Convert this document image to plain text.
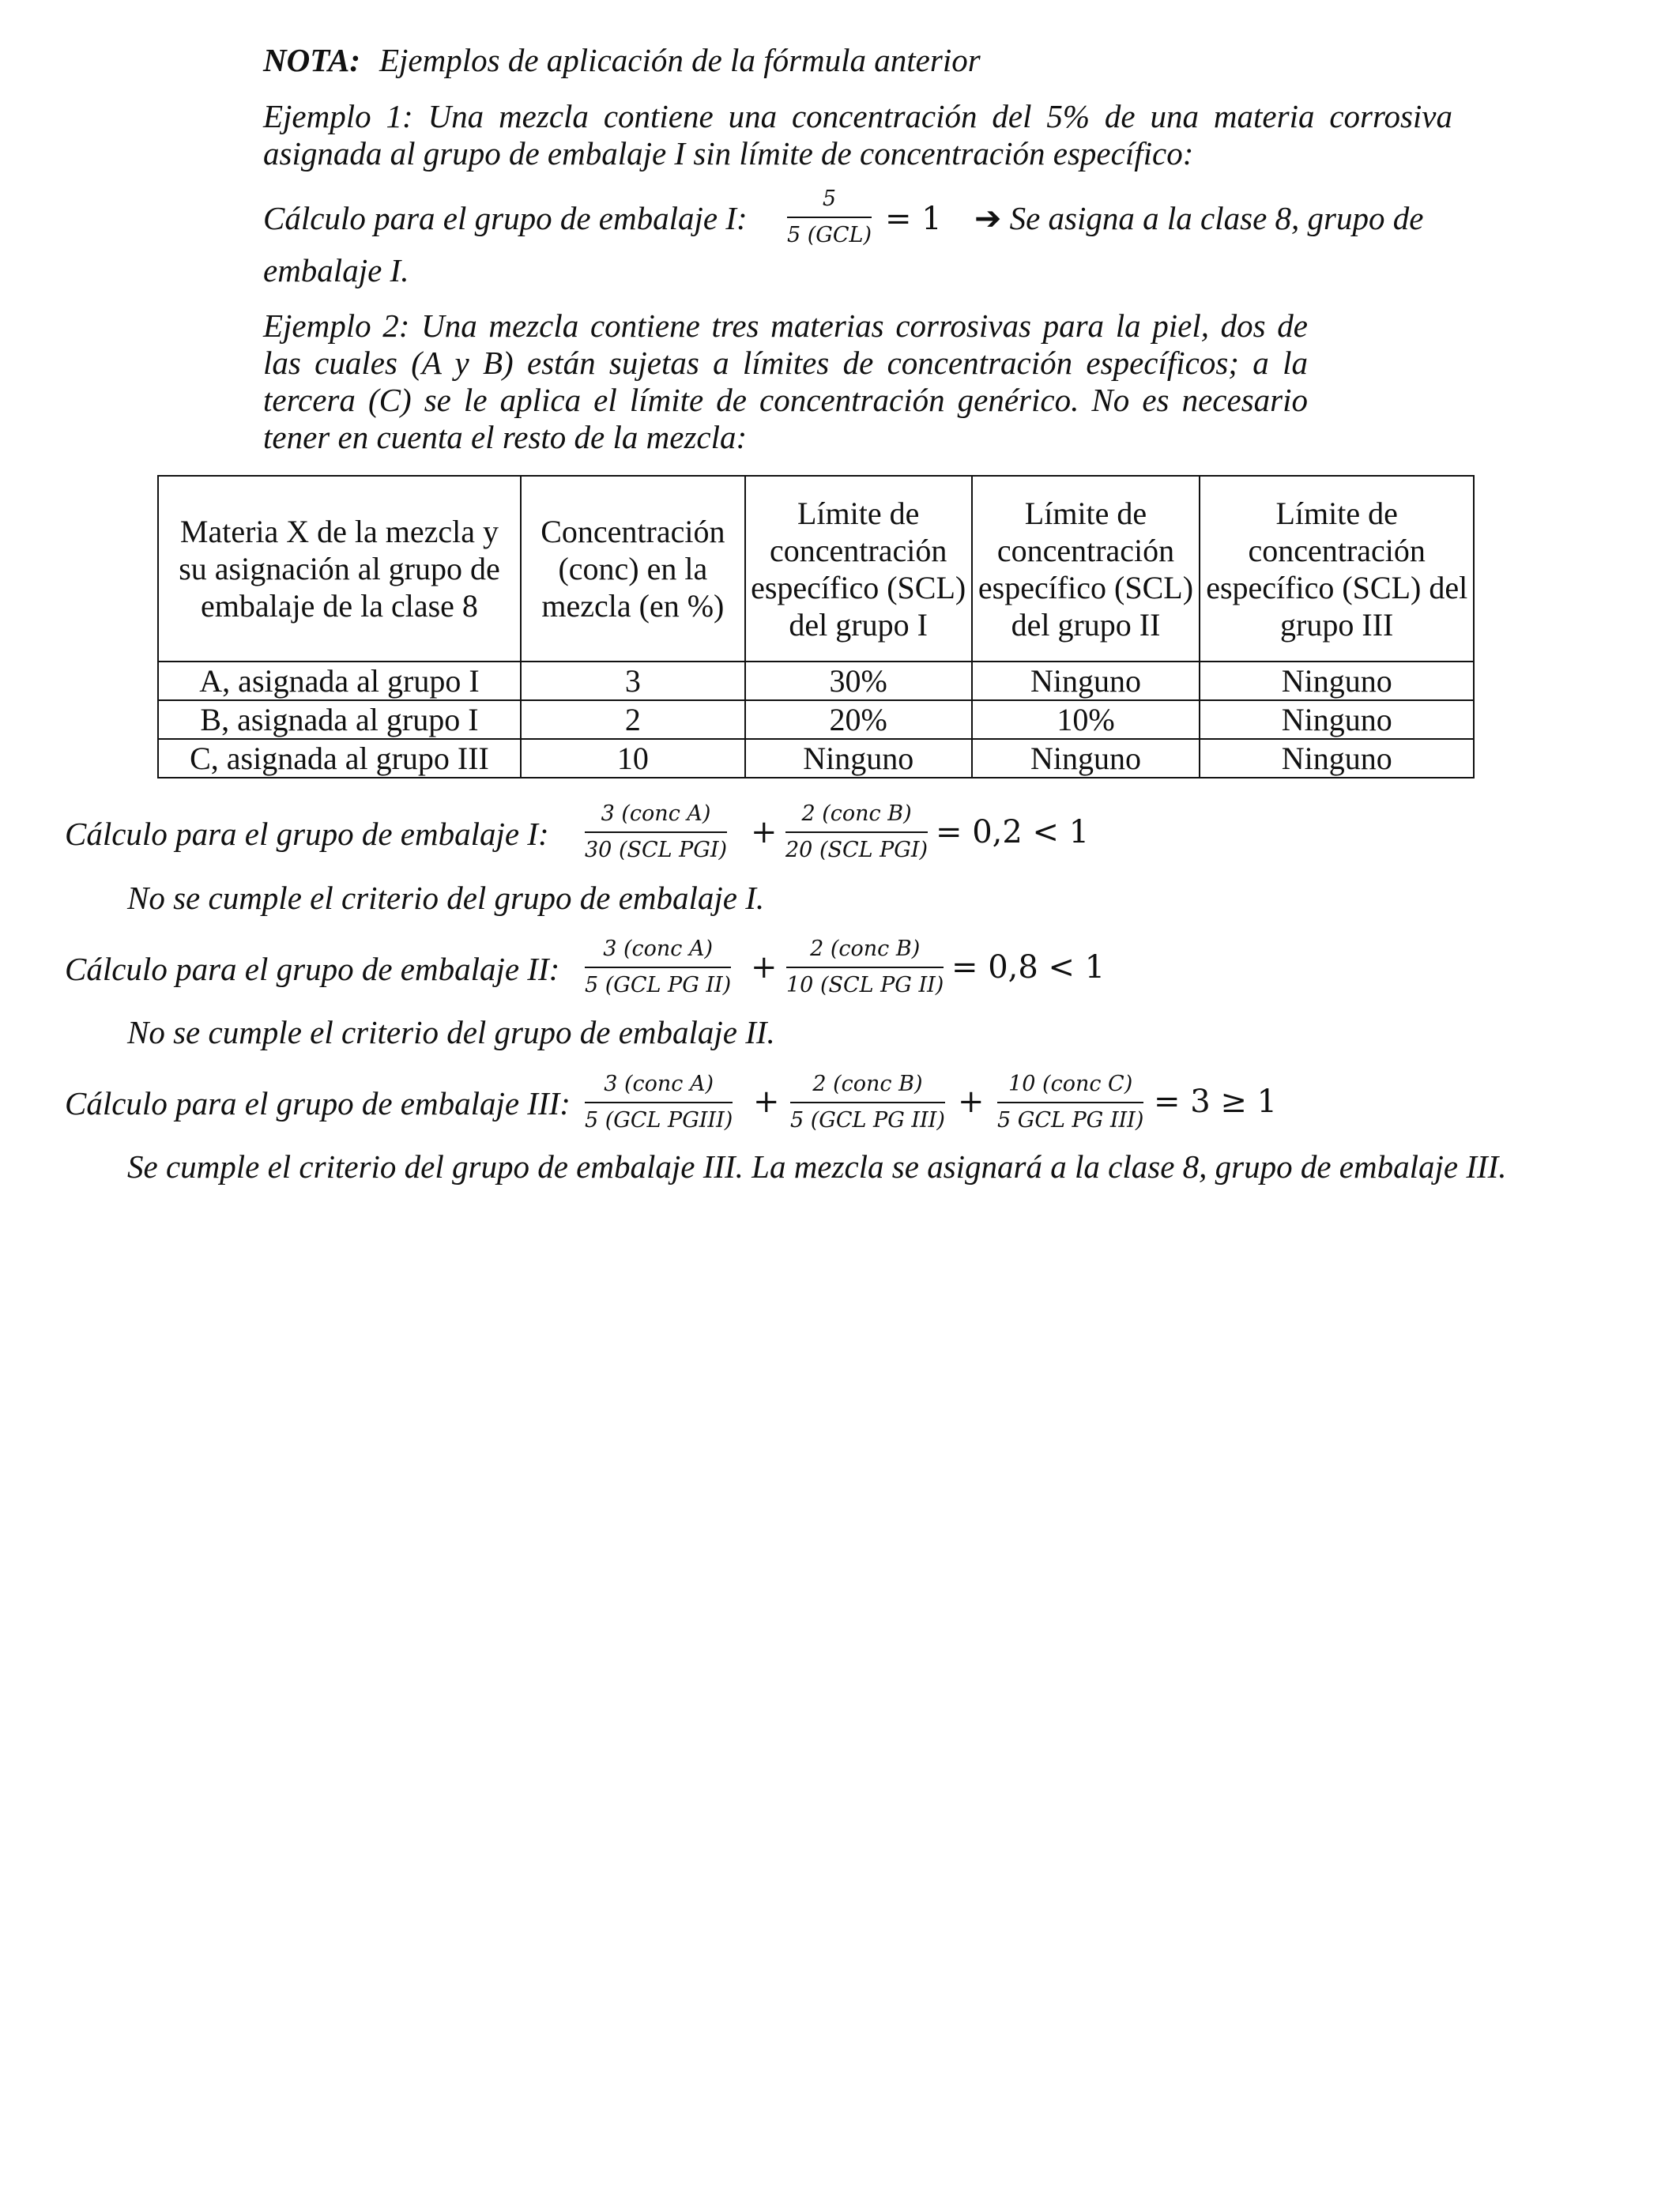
NOTA: Ejemplos de aplicación de la fórmula anterior

Ejemplo 1: Una mezcla contiene una concentración del 5% de una materia corrosiva asignada al grupo de embalaje I sin límite de concentración específico:

Cálculo para el grupo de embalaje I:
5
5 (GCL) = 1 ➔ Se asigna a la clase 8, grupo de
embalaje I.

Ejemplo 2: Una mezcla contiene tres materias corrosivas para la piel, dos de las cuales (A y B) están sujetas a límites de concentración específicos; a la tercera (C) se le aplica el límite de concentración genérico. No es necesario tener en cuenta el resto de la mezcla:

Materia X de la mezcla y su asignación al grupo de embalaje de la clase 8	Concentración (conc) en la mezcla (en %)	Límite de concentración específico (SCL) del grupo I	Límite de concentración específico (SCL) del grupo II	Límite de concentración específico (SCL) del grupo III
A, asignada al grupo I	3	30%	Ninguno	Ninguno
B, asignada al grupo I	2	20%	10%	Ninguno
C, asignada al grupo III	10	Ninguno	Ninguno	Ninguno
Cálculo para el grupo de embalaje I:
3 (conc A)
30 (SCL PGI) +
2 (conc B)
20 (SCL PGI) = 0,2 < 1
No se cumple el criterio del grupo de embalaje I.
Cálculo para el grupo de embalaje II:
3 (conc A)
5 (GCL PG II) +
2 (conc B)
10 (SCL PG II) = 0,8 < 1
No se cumple el criterio del grupo de embalaje II.
Cálculo para el grupo de embalaje III:
3 (conc A)
5 (GCL PGIII)
+ 2 (conc B)
5 (GCL PG III)
+ 10 (conc C)
5 GCL PG III)
= 3 ≥ 1
Se cumple el criterio del grupo de embalaje III. La mezcla se asignará a la clase 8, grupo de embalaje III.
